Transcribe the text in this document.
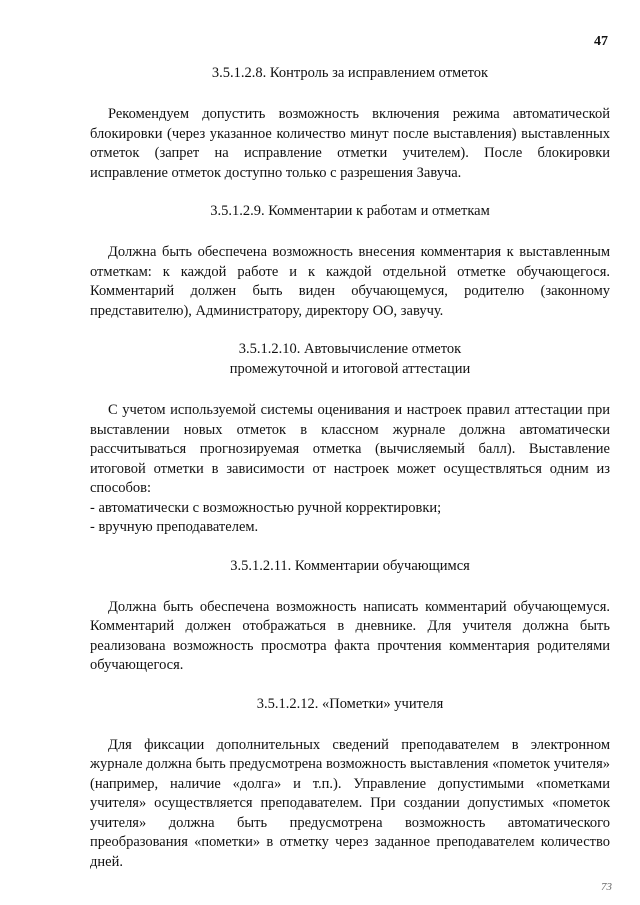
47
3.5.1.2.8. Контроль за исправлением отметок

Рекомендуем допустить возможность включения режима автоматической блокировки (через указанное количество минут после выставления) выставленных отметок (запрет на исправление отметки учителем). После блокировки исправление отметок доступно только с разрешения Завуча.

3.5.1.2.9. Комментарии к работам и отметкам

Должна быть обеспечена возможность внесения комментария к выставленным отметкам: к каждой работе и к каждой отдельной отметке обучающегося. Комментарий должен быть виден обучающемуся, родителю (законному представителю), Администратору, директору ОО, завучу.

3.5.1.2.10. Автовычисление отметок
промежуточной и итоговой аттестации

С учетом используемой системы оценивания и настроек правил аттестации при выставлении новых отметок в классном журнале должна автоматически рассчитываться прогнозируемая отметка (вычисляемый балл). Выставление итоговой отметки в зависимости от настроек может осуществляться одним из способов:

- автоматически с возможностью ручной корректировки;
- вручную преподавателем.
3.5.1.2.11. Комментарии обучающимся

Должна быть обеспечена возможность написать комментарий обучающемуся. Комментарий должен отображаться в дневнике. Для учителя должна быть реализована возможность просмотра факта прочтения комментария родителями обучающегося.

3.5.1.2.12. «Пометки» учителя

Для фиксации дополнительных сведений преподавателем в электронном журнале должна быть предусмотрена возможность выставления «пометок учителя» (например, наличие «долга» и т.п.). Управление допустимыми «пометками учителя» осуществляется преподавателем. При создании допустимых «пометок учителя» должна быть предусмотрена возможность автоматического преобразования «пометки» в отметку через заданное преподавателем количество дней.

73
